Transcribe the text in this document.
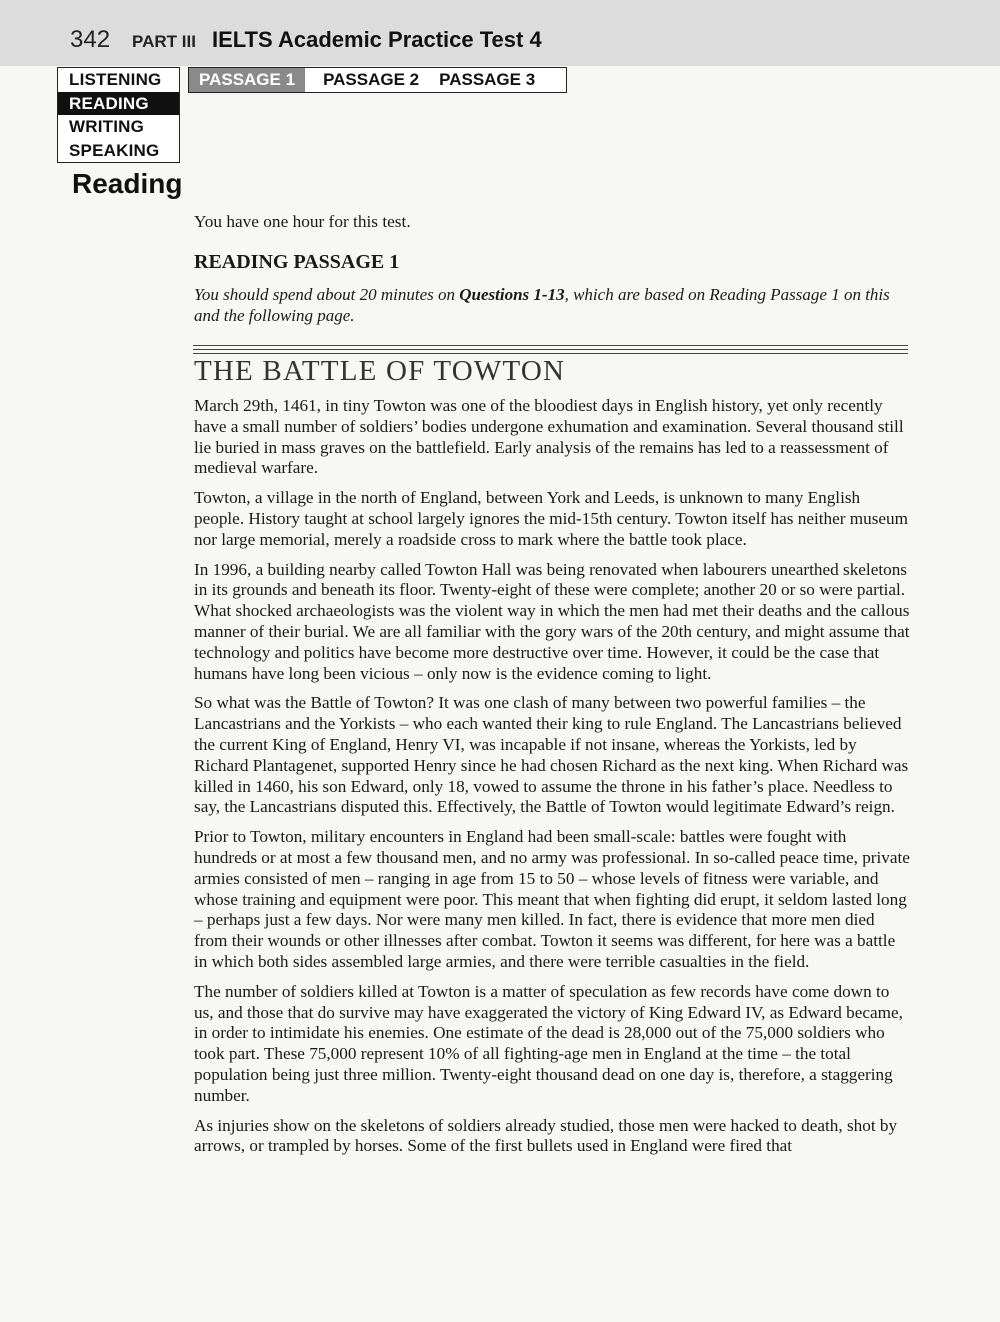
342 PART III IELTS Academic Practice Test 4
LISTENING
READING
WRITING
SPEAKING
PASSAGE 1	PASSAGE 2	PASSAGE 3
Reading
You have one hour for this test.
READING PASSAGE 1
You should spend about 20 minutes on Questions 1-13, which are based on Reading Passage 1 on this and the following page.
THE BATTLE OF TOWTON

March 29th, 1461, in tiny Towton was one of the bloodiest days in English history, yet only recently have a small number of soldiers’ bodies undergone exhumation and examination. Several thousand still lie buried in mass graves on the battlefield. Early analysis of the remains has led to a reassessment of medieval warfare.

Towton, a village in the north of England, between York and Leeds, is unknown to many English people. History taught at school largely ignores the mid-15th century. Towton itself has neither museum nor large memorial, merely a roadside cross to mark where the battle took place.

In 1996, a building nearby called Towton Hall was being renovated when labourers unearthed skeletons in its grounds and beneath its floor. Twenty-eight of these were complete; another 20 or so were partial. What shocked archaeologists was the violent way in which the men had met their deaths and the callous manner of their burial. We are all familiar with the gory wars of the 20th century, and might assume that technology and politics have become more destructive over time. However, it could be the case that humans have long been vicious – only now is the evidence coming to light.

So what was the Battle of Towton? It was one clash of many between two powerful families – the Lancastrians and the Yorkists – who each wanted their king to rule England. The Lancastrians believed the current King of England, Henry VI, was incapable if not insane, whereas the Yorkists, led by Richard Plantagenet, supported Henry since he had chosen Richard as the next king. When Richard was killed in 1460, his son Edward, only 18, vowed to assume the throne in his father’s place. Needless to say, the Lancastrians disputed this. Effectively, the Battle of Towton would legitimate Edward’s reign.

Prior to Towton, military encounters in England had been small-scale: battles were fought with hundreds or at most a few thousand men, and no army was professional. In so-called peace time, private armies consisted of men – ranging in age from 15 to 50 – whose levels of fitness were variable, and whose training and equipment were poor. This meant that when fighting did erupt, it seldom lasted long – perhaps just a few days. Nor were many men killed. In fact, there is evidence that more men died from their wounds or other illnesses after combat. Towton it seems was different, for here was a battle in which both sides assembled large armies, and there were terrible casualties in the field.

The number of soldiers killed at Towton is a matter of speculation as few records have come down to us, and those that do survive may have exaggerated the victory of King Edward IV, as Edward became, in order to intimidate his enemies. One estimate of the dead is 28,000 out of the 75,000 soldiers who took part. These 75,000 represent 10% of all fighting-age men in England at the time – the total population being just three million. Twenty-eight thousand dead on one day is, therefore, a staggering number.

As injuries show on the skeletons of soldiers already studied, those men were hacked to death, shot by arrows, or trampled by horses. Some of the first bullets used in England were fired that
